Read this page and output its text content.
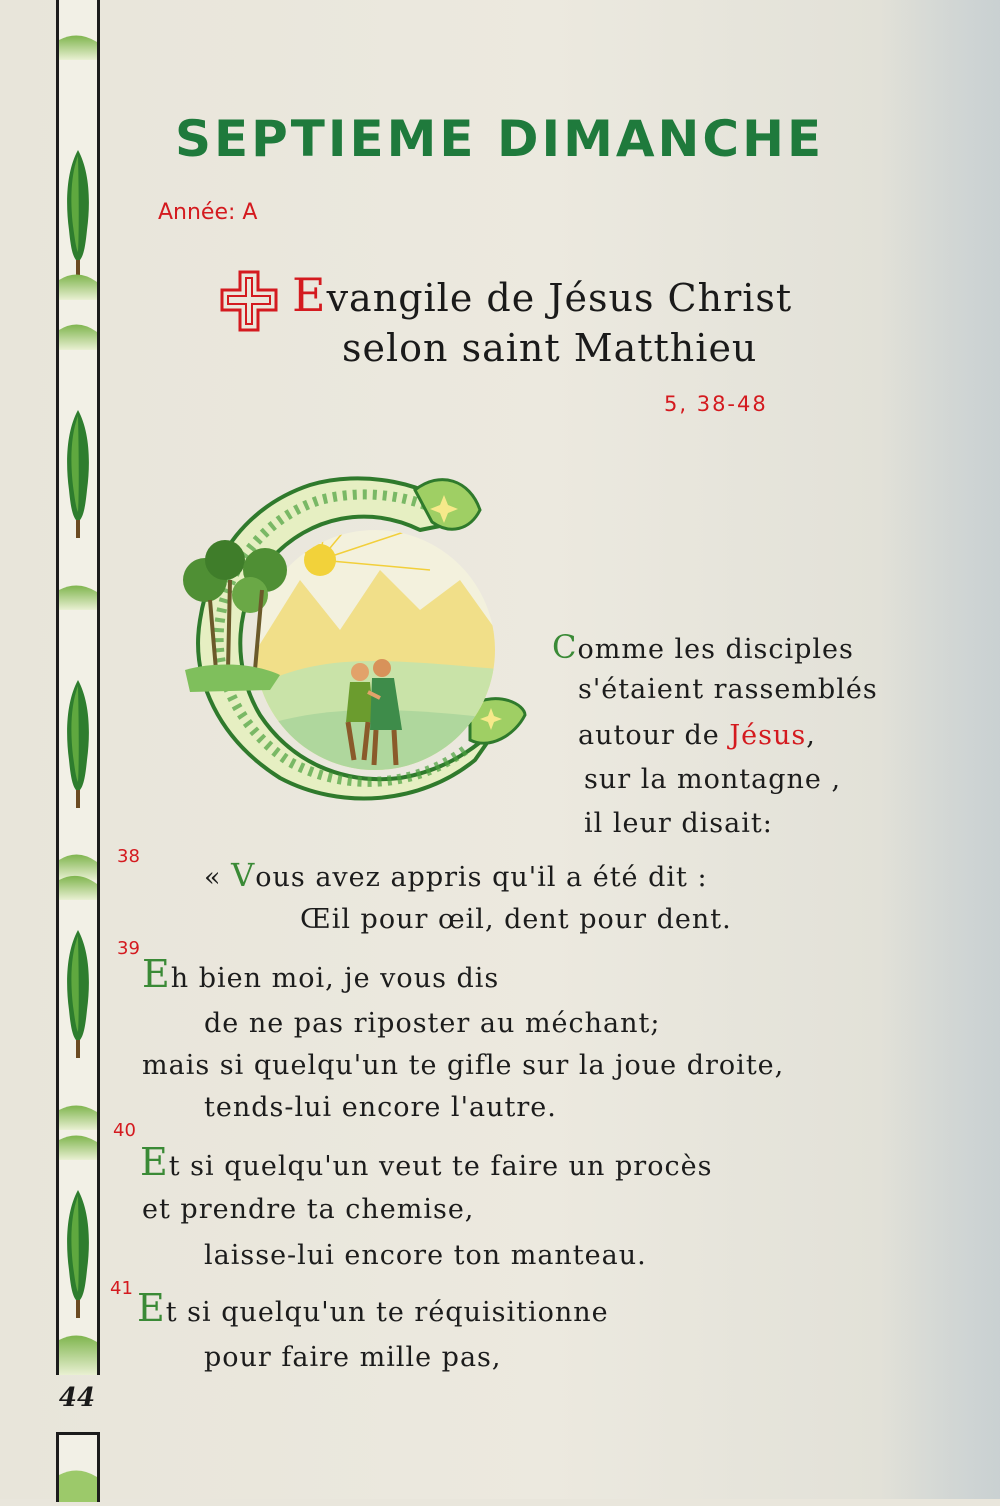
44
SEPTIEME DIMANCHE
Année: A
Evangile de Jésus Christ
selon saint Matthieu
5, 38-48
Comme les disciples
s'étaient rassemblés
autour de Jésus,
sur la montagne ,
il leur disait:
38
« Vous avez appris qu'il a été dit :
Œil pour œil, dent pour dent.
39
Eh bien moi, je vous dis
de ne pas riposter au méchant;
mais si quelqu'un te gifle sur la joue droite,
tends-lui encore l'autre.
40
Et si quelqu'un veut te faire un procès
et prendre ta chemise,
laisse-lui encore ton manteau.
41 Et si quelqu'un te réquisitionne
pour faire mille pas,
